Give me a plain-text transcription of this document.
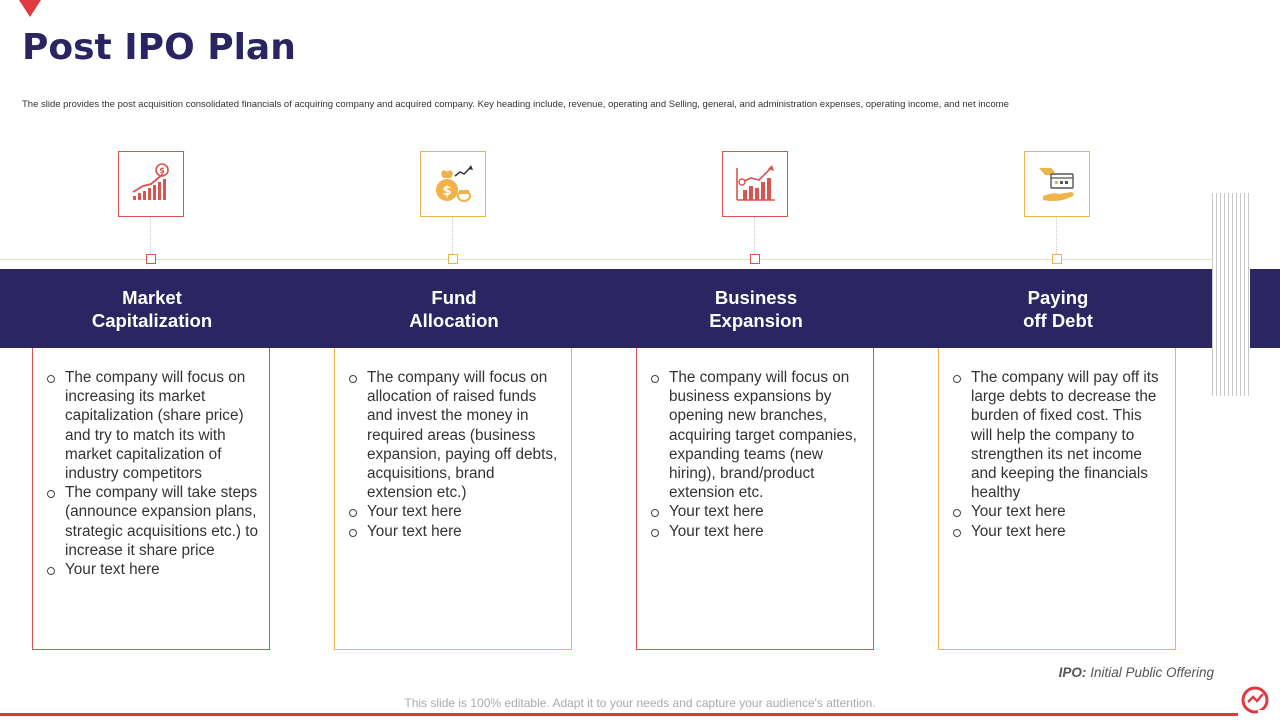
Post IPO Plan
The slide provides the post acquisition consolidated financials of acquiring company and acquired company. Key heading include, revenue, operating and Selling, general, and administration expenses, operating income, and net income
$
Market
Capitalization
The company will focus on increasing its market capitalization (share price) and try to match its with market capitalization of industry competitors
The company will take steps (announce expansion plans, strategic acquisitions etc.) to increase it share price
Your text here
$
Fund
Allocation
The company will focus on allocation of raised funds and invest the money in required areas (business expansion, paying off debts, acquisitions, brand extension etc.)
Your text here
Your text here
Business
Expansion
The company will focus on business expansions by opening new branches, acquiring target companies, expanding teams (new hiring), brand/product extension etc.
Your text here
Your text here
Paying
off Debt
The company will pay off its large debts to decrease the burden of fixed cost. This will help the company to strengthen its net income and keeping the financials healthy
Your text here
Your text here
IPO: Initial Public Offering
This slide is 100% editable. Adapt it to your needs and capture your audience's attention.
